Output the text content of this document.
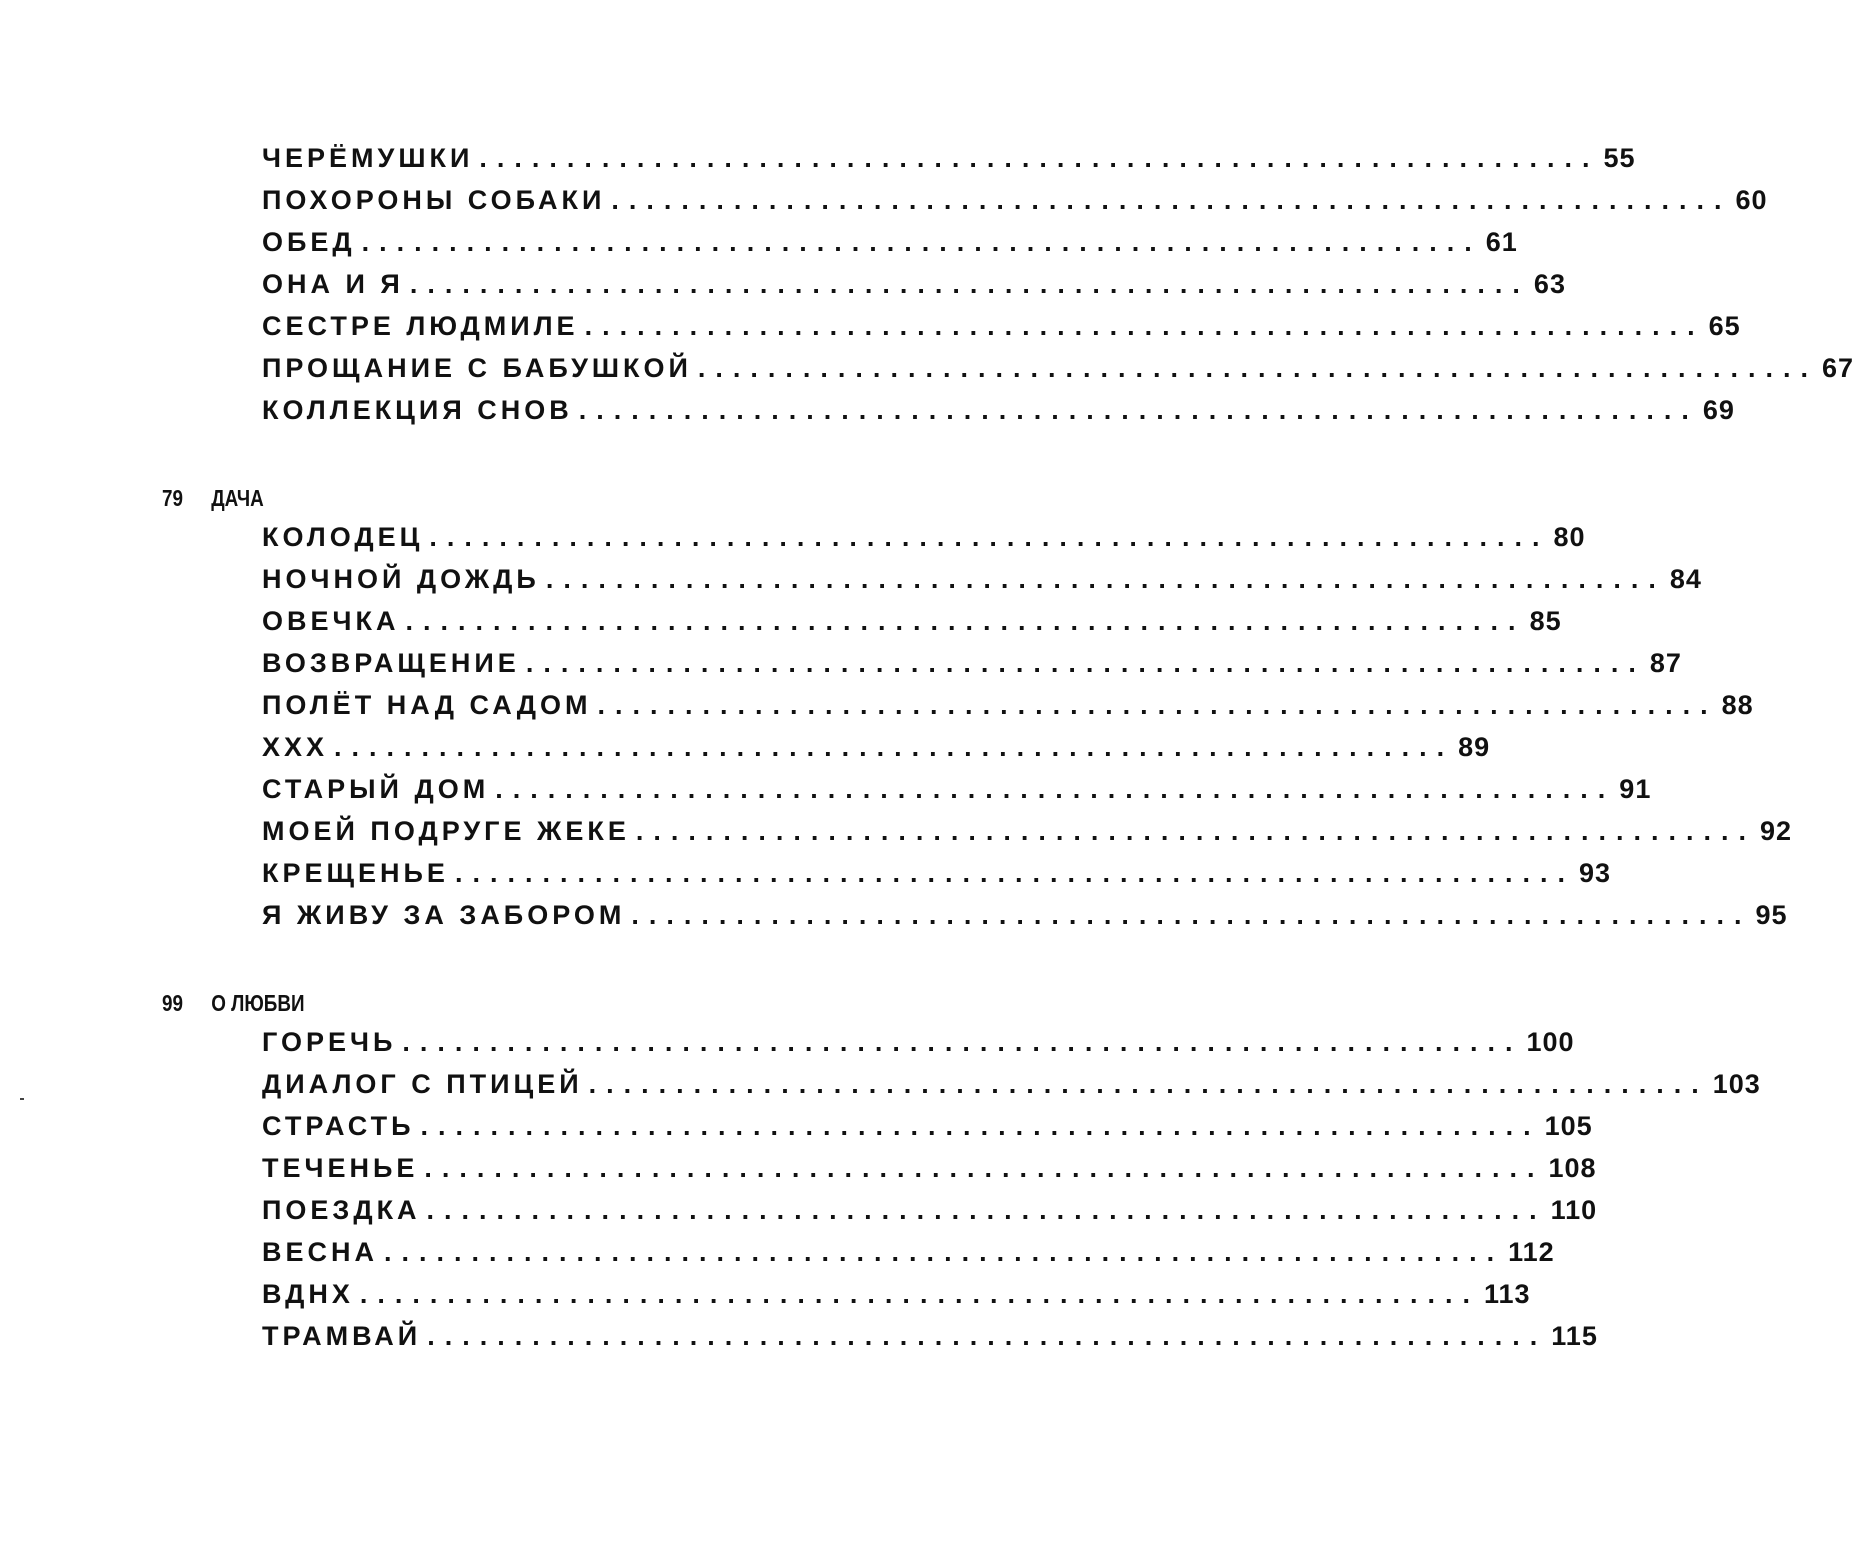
ЧЕРЁМУШКИ ................................................................ 55
ПОХОРОНЫ СОБАКИ ................................................................ 60
ОБЕД ................................................................ 61
ОНА И Я ................................................................ 63
СЕСТРЕ ЛЮДМИЛЕ ................................................................ 65
ПРОЩАНИЕ С БАБУШКОЙ ................................................................ 67
КОЛЛЕКЦИЯ СНОВ ................................................................ 69
79	ДАЧА
КОЛОДЕЦ ................................................................ 80
НОЧНОЙ ДОЖДЬ ................................................................ 84
ОВЕЧКА ................................................................ 85
ВОЗВРАЩЕНИЕ ................................................................ 87
ПОЛЁТ НАД САДОМ ................................................................ 88
XXX ................................................................ 89
СТАРЫЙ ДОМ ................................................................ 91
МОЕЙ ПОДРУГЕ ЖЕКЕ ................................................................ 92
КРЕЩЕНЬЕ ................................................................ 93
Я ЖИВУ ЗА ЗАБОРОМ ................................................................ 95
99	О ЛЮБВИ
ГОРЕЧЬ ................................................................ 100
ДИАЛОГ С ПТИЦЕЙ ................................................................ 103
СТРАСТЬ ................................................................ 105
ТЕЧЕНЬЕ ................................................................ 108
ПОЕЗДКА ................................................................ 110
ВЕСНА ................................................................ 112
ВДНХ ................................................................ 113
ТРАМВАЙ ................................................................ 115
